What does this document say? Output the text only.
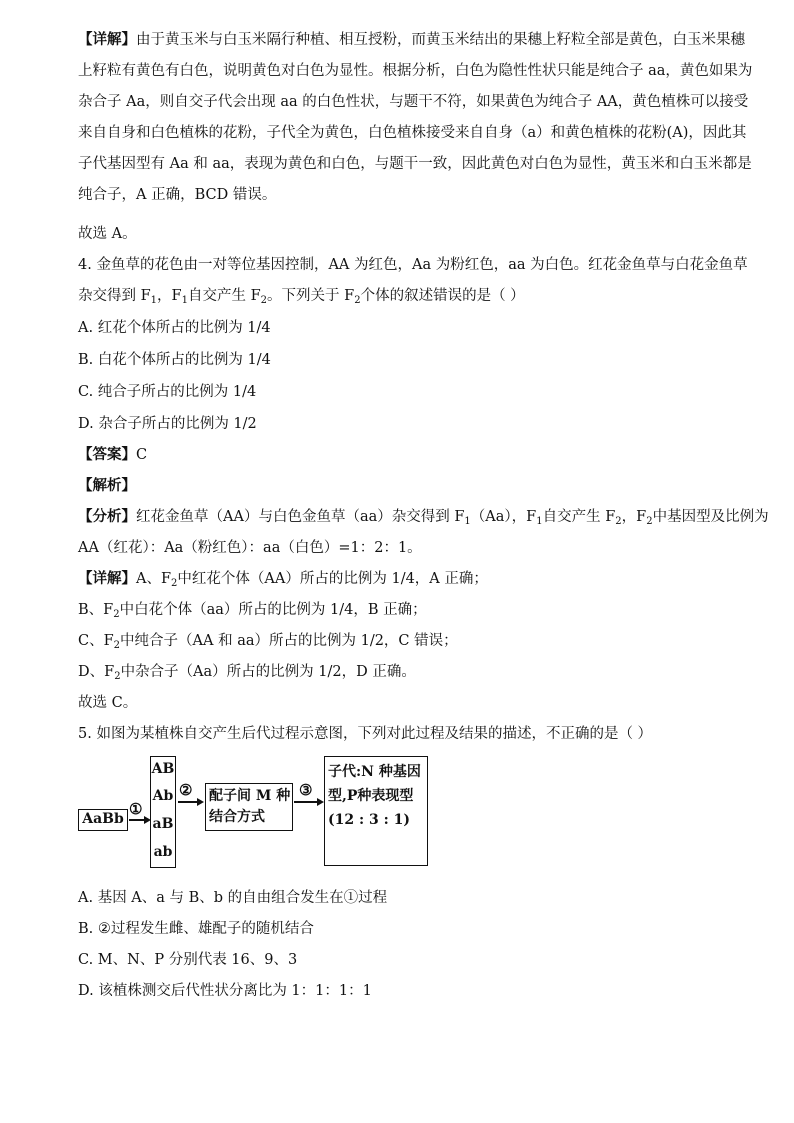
【详解】由于黄玉米与白玉米隔行种植、相互授粉，而黄玉米结出的果穗上籽粒全部是黄色，白玉米果穗
上籽粒有黄色有白色，说明黄色对白色为显性。根据分析，白色为隐性性状只能是纯合子 aa，黄色如果为
杂合子 Aa，则自交子代会出现 aa 的白色性状，与题干不符，如果黄色为纯合子 AA，黄色植株可以接受
来自自身和白色植株的花粉，子代全为黄色，白色植株接受来自自身（a）和黄色植株的花粉(A)，因此其
子代基因型有 Aa 和 aa，表现为黄色和白色，与题干一致，因此黄色对白色为显性，黄玉米和白玉米都是
纯合子，A 正确，BCD 错误。
故选 A。
4. 金鱼草的花色由一对等位基因控制，AA 为红色，Aa 为粉红色，aa 为白色。红花金鱼草与白花金鱼草
杂交得到 $F_1$，$F_1$自交产生 $F_2$。下列关于 $F_2$个体的叙述错误的是（ ）
A. 红花个体所占的比例为 1/4
B. 白花个体所占的比例为 1/4
C. 纯合子所占的比例为 1/4
D. 杂合子所占的比例为 1/2
【答案】C
【解析】
【分析】红花金鱼草（AA）与白色金鱼草（aa）杂交得到 $F_1(Aa)$，$F_1$自交产生 $F_2$，$F_2$中基因型及比例为
AA（红花）：Aa（粉红色）：aa（白色）=1：2：1。
【详解】A、$F_2$中红花个体（AA）所占的比例为 1/4，A 正确；
B、$F_2$中白花个体（aa）所占的比例为 1/4，B 正确；
C、$F_2$中纯合子（AA 和 aa）所占的比例为 1/2，C 错误；
D、$F_2$中杂合子（Aa）所占的比例为 1/2，D 正确。
故选 C。
5. 如图为某植株自交产生后代过程示意图，下列对此过程及结果的描述，不正确的是（ ）
AaBb
①
AB
Ab
aB
ab
② 配子间 M 种
结合方式
③
子代:N 种基因
型,P种表现型
(12 : 3 : 1)
A. 基因 A、a 与 B、b 的自由组合发生在①过程
B. ②过程发生雌、雄配子的随机结合
C. M、N、P 分别代表 16、9、3
D. 该植株测交后代性状分离比为 1：1：1：1
